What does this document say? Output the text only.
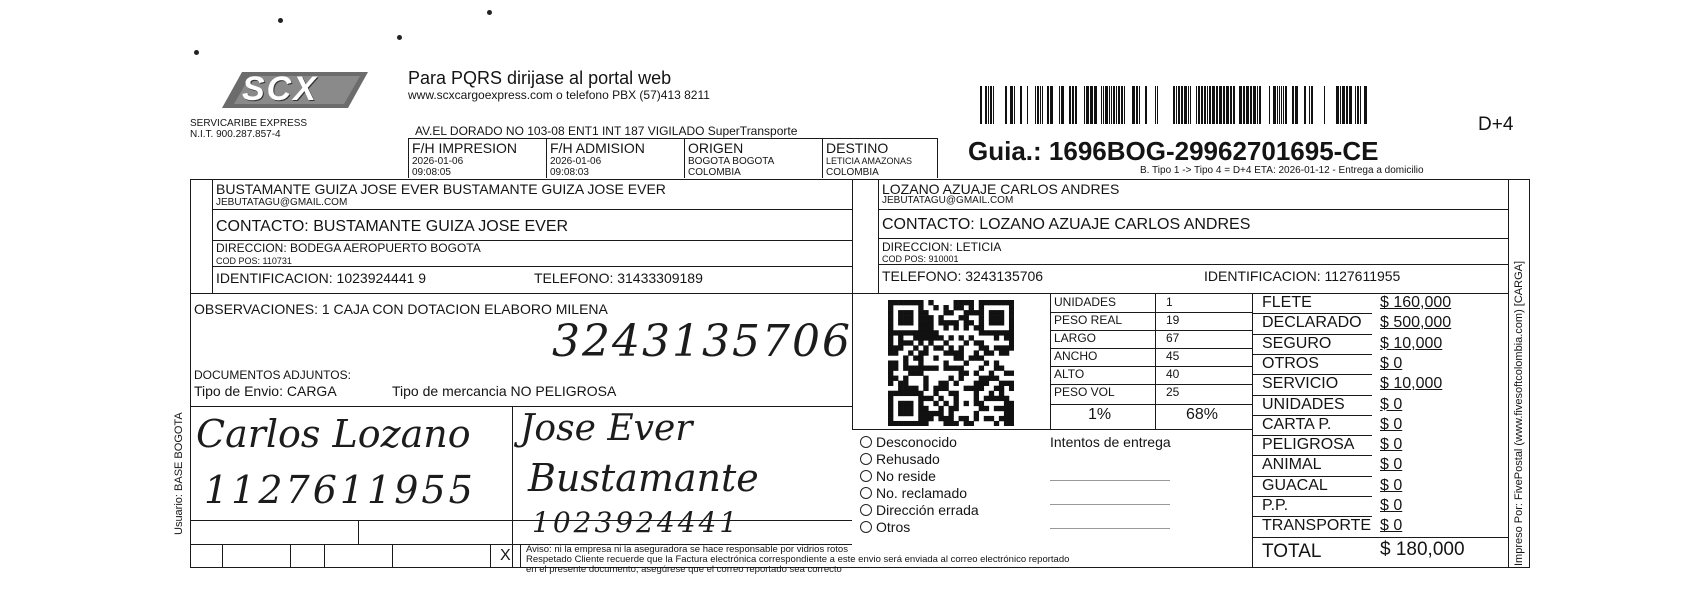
SCX
SERVICARIBE EXPRESS
N.I.T. 900.287.857-4
Para PQRS dirijase al portal web
www.scxcargoexpress.com o telefono PBX (57)413 8211
D+4
AV.EL DORADO NO 103-08 ENT1 INT 187 VIGILADO SuperTransporte
F/H IMPRESION
2026-01-06
09:08:05
F/H ADMISION
2026-01-06
09:08:03
ORIGEN
BOGOTA BOGOTA
COLOMBIA
DESTINO
LETICIA AMAZONAS
COLOMBIA
Guia.: 1696BOG-2996270169​5-CE
B. Tipo 1 -> Tipo 4 = D+4 ETA: 2026-01-12 - Entrega a domicilio
BUSTAMANTE GUIZA JOSE EVER BUSTAMANTE GUIZA JOSE EVER
JEBUTATAGU@GMAIL.COM
CONTACTO: BUSTAMANTE GUIZA JOSE EVER
DIRECCION: BODEGA AEROPUERTO BOGOTA
COD POS: 110731
IDENTIFICACION: 1023924441 9	TELEFONO: 31433309189
LOZANO AZUAJE CARLOS ANDRES
JEBUTATAGU@GMAIL.COM
CONTACTO: LOZANO AZUAJE CARLOS ANDRES
DIRECCION: LETICIA
COD POS: 910001
TELEFONO: 3243135706	IDENTIFICACION: 1127611955
OBSERVACIONES: 1 CAJA CON DOTACION ELABORO MILENA
3243135706
DOCUMENTOS ADJUNTOS:
Tipo de Envio: CARGA	Tipo de mercancia NO PELIGROSA
Carlos Lozano
1127611955
Jose Ever
Bustamante
1023924441
X
UNIDADES	1
PESO REAL	19
LARGO	67
ANCHO	45
ALTO	40
PESO VOL	25
1%	68%
Desconocido
Rehusado
No reside
No. reclamado
Dirección errada
Otros
Intentos de entrega
FLETE	$ 160,000
DECLARADO $ 500,000
SEGURO	$ 10,000
OTROS	$ 0
SERVICIO	$ 10,000
UNIDADES $ 0
CARTA P.	$ 0
PELIGROSA $ 0
ANIMAL	$ 0
GUACAL	$ 0
P.P.	$ 0
TRANSPORTE $ 0
TOTAL	$ 180,000
Aviso: ni la empresa ni la aseguradora se hace responsable por vidrios rotos
Respetado Cliente recuerde que la Factura electrónica correspondiente a este envio será enviada al correo electrónico reportado
en el presente documento, asegúrese que el correo reportado sea correcto
Usuario: BASE BOGOTA	Impreso Por: FivePostal (www.fivesoftcolombia.com) [CARGA]
